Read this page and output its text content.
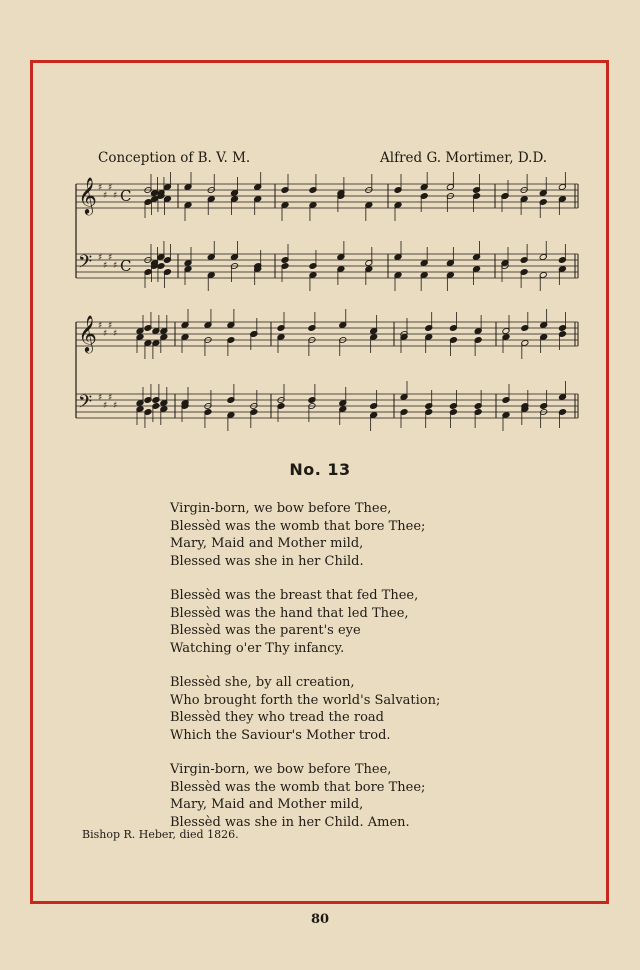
Conception of B. V. M.	Alfred G. Mortimer, D.D.
𝄞 ♯
♯
♯
♯ C
𝄢 ♯
♯
♯
♯ C
𝄞 ♯
♯
♯
♯
𝄢 ♯
♯
♯
♯
No. 13
Virgin-born, we bow before Thee,
Blessèd was the womb that bore Thee;
Mary, Maid and Mother mild,
Blessed was she in her Child.
Blessèd was the breast that fed Thee,
Blessèd was the hand that led Thee,
Blessèd was the parent's eye
Watching o'er Thy infancy.
Blessèd she, by all creation,
Who brought forth the world's Salvation;
Blessèd they who tread the road
Which the Saviour's Mother trod.
Virgin-born, we bow before Thee,
Blessèd was the womb that bore Thee;
Mary, Maid and Mother mild,
Blessèd was she in her Child. Amen.
Bishop R. Heber, died 1826.
80
